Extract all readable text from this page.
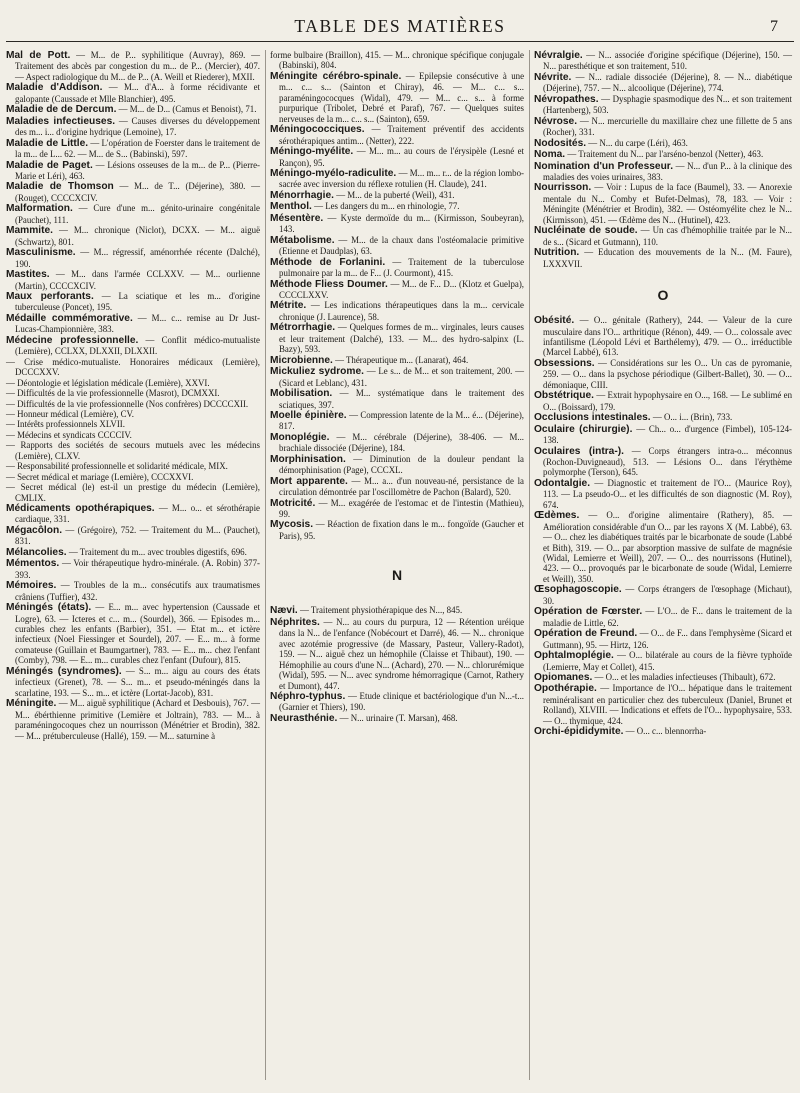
TABLE DES MATIÈRES	7

Mal de Pott. — M... de P... syphilitique (Auvray), 869. — Traitement des abcès par congestion du m... de P... (Mercier), 407. — Aspect radiologique du M... de P... (A. Weill et Riederer), MXII.

Maladie d'Addison. — M... d'A... à forme récidivante et galopante (Caussade et Mlle Blanchier), 495.

Maladie de de Dercum. — M... de D... (Camus et Benoist), 71.

Maladies infectieuses. — Causes diverses du développement des m... i... d'origine hydrique (Lemoine), 17.

Maladie de Little. — L'opération de Foerster dans le traitement de la m... de L... 62. — M... de S... (Babinski), 597.

Maladie de Paget. — Lésions osseuses de la m... de P... (Pierre-Marie et Léri), 463.

Maladie de Thomson — M... de T... (Déjerine), 380. — (Rouget), CCCCXCIV.

Malformation. — Cure d'une m... génito-urinaire congénitale (Pauchet), 111.

Mammite. — M... chronique (Niclot), DCXX. — M... aiguë (Schwartz), 801.

Masculinisme. — M... régressif, aménorrhée récente (Dalché), 190.

Mastites. — M... dans l'armée CCLXXV. — M... ourlienne (Martin), CCCCXCIV.

Maux perforants. — La sciatique et les m... d'origine tuberculeuse (Poncet), 195.

Médaille commémorative. — M... c... remise au Dr Just-Lucas-Championnière, 383.

Médecine professionnelle. — Conflit médico-mutualiste (Lemière), CCLXX, DLXXII, DLXXII.

— Crise médico-mutualiste. Honoraires médicaux (Lemière), DCCCXXV.

— Déontologie et législation médicale (Lemière), XXVI.

— Difficultés de la vie professionnelle (Masrot), DCMXXI.

— Difficultés de la vie professionnelle (Nos confrères) DCCCCXII.

— Honneur médical (Lemière), CV.

— Intérêts professionnels XLVII.

— Médecins et syndicats CCCCIV.

— Rapports des sociétés de secours mutuels avec les médecins (Lemière), CLXV.

— Responsabilité professionnelle et solidarité médicale, MIX.

— Secret médical et mariage (Lemière), CCCXXVI.

— Secret médical (le) est-il un prestige du médecin (Lemière), CMLIX.

Médicaments opothérapiques. — M... o... et sérothérapie cardiaque, 331.

Mégacôlon. — (Grégoire), 752. — Traitement du M... (Pauchet), 831.

Mélancolies. — Traitement du m... avec troubles digestifs, 696.

Mémentos. — Voir thérapeutique hydro-minérale. (A. Robin) 377-393.

Mémoires. — Troubles de la m... consécutifs aux traumatismes crâniens (Tuffier), 432.

Méningés (états). — E... m... avec hypertension (Caussade et Logre), 63. — Icteres et c... m... (Sourdel), 366. — Episodes m... curables chez les enfants (Barbier), 351. — Etat m... et ictère infectieux (Noel Fiessinger et Sourdel), 207. — E... m... à forme comateuse (Guillain et Baumgartner), 783. — E... m... chez l'enfant (Comby), 798. — E... m... curables chez l'enfant (Dufour), 815.

Méningés (syndromes). — S... m... aigu au cours des états infectieux (Grenet), 78. — S... m... et pseudo-méningés dans la scarlatine, 193. — S... m... et ictère (Lortat-Jacob), 831.

Méningite. — M... aiguë syphilitique (Achard et Desbouis), 767. — M... ébérthienne primitive (Lemière et Joltrain), 783. — M... à paraméningocoques chez un nourrisson (Ménétrier et Brodin), 382. — M... prétuberculeuse (Hallé), 159. — M... saturnine à

forme bulbaire (Braillon), 415. — M... chronique spécifique conjugale (Babinski), 804.

Méningite cérébro-spinale. — Epilepsie consécutive à une m... c... s... (Sainton et Chiray), 46. — M... c... s... paraméningococques (Widal), 479. — M... c... s... à forme purpurique (Tribolet, Debré et Paraf), 767. — Quelques suites nerveuses de la m... c... s... (Sainton), 659.

Méningococciques. — Traitement préventif des accidents sérothérapiques antim... (Netter), 222.

Méningo-myélite. — M... m... au cours de l'érysipèle (Lesné et Rançon), 95.

Méningo-myélo-radiculite. — M... m... r... de la région lombo-sacrée avec inversion du réflexe rotulien (H. Claude), 241.

Ménorrhagie. — M... de la puberté (Weil), 431.

Menthol. — Les dangers du m... en rhinologie, 77.

Mésentère. — Kyste dermoïde du m... (Kirmisson, Soubeyran), 143.

Métabolisme. — M... de la chaux dans l'ostéomalacie primitive (Etienne et Daudplas), 63.

Méthode de Forlanini. — Traitement de la tuberculose pulmonaire par la m... de F... (J. Courmont), 415.

Méthode Fliess Doumer. — M... de F... D... (Klotz et Guelpa), CCCCLXXV.

Métrite. — Les indications thérapeutiques dans la m... cervicale chronique (J. Laurence), 58.

Métrorrhagie. — Quelques formes de m... virginales, leurs causes et leur traitement (Dalché), 133. — M... des hydro-salpinx (L. Bazy), 593.

Microbienne. — Thérapeutique m... (Lanarat), 464.

Mickuliez sydrome. — Le s... de M... et son traitement, 200. — (Sicard et Leblanc), 431.

Mobilisation. — M... systématique dans le traitement des sciatiques, 397.

Moelle épinière. — Compression latente de la M... é... (Déjerine), 817.

Monoplégie. — M... cérébrale (Déjerine), 38-406. — M... brachiale dissociée (Déjerine), 184.

Morphinisation. — Diminution de la douleur pendant la démorphinisation (Page), CCCXL.

Mort apparente. — M... a... d'un nouveau-né, persistance de la circulation démontrée par l'oscillomètre de Pachon (Balard), 520.

Motricité. — M... exagérée de l'estomac et de l'intestin (Mathieu), 99.

Mycosis. — Réaction de fixation dans le m... fongoïde (Gaucher et Paris), 95.

N

Nævi. — Traitement physiothérapique des N..., 845.

Néphrites. — N... au cours du purpura, 12 — Rétention uréique dans la N... de l'enfance (Nobécourt et Darré), 46. — N... chronique avec azotémie progressive (de Massary, Pasteur, Vallery-Radot), 159. — N... aiguë chez un hémophile (Claisse et Thibaut), 190. — Hémophilie au cours d'une N... (Achard), 270. — N... chlorurémique (Widal), 595. — N... avec syndrome hémorragique (Carnot, Rathery et Dumont), 447.

Néphro-typhus. — Etude clinique et bactériologique d'un N...-t... (Garnier et Thiers), 190.

Neurasthénie. — N... urinaire (T. Marsan), 468.

Névralgie. — N... associée d'origine spécifique (Déjerine), 150. — N... paresthétique et son traitement, 510.

Névrite. — N... radiale dissociée (Déjerine), 8. — N... diabétique (Déjerine), 757. — N... alcoolique (Déjerine), 774.

Névropathes. — Dysphagie spasmodique des N... et son traitement (Hartenberg), 503.

Névrose. — N... mercurielle du maxillaire chez une fillette de 5 ans (Rocher), 331.

Nodosités. — N... du carpe (Léri), 463.

Noma. — Traitement du N... par l'arséno-benzol (Netter), 463.

Nomination d'un Professeur. — N... d'un P... à la clinique des maladies des voies urinaires, 383.

Nourrisson. — Voir : Lupus de la face (Baumel), 33. — Anorexie mentale du N... Comby et Bufet-Delmas), 78, 183. — Voir : Méningite (Ménétrier et Brodin), 382. — Ostéomyélite chez le N... (Kirmisson), 451. — Œdème des N... (Hutinel), 423.

Nucléinate de soude. — Un cas d'hémophilie traitée par le N... de s... (Sicard et Gutmann), 110.

Nutrition. — Education des mouvements de la N... (M. Faure), LXXXVII.

O

Obésité. — O... génitale (Rathery), 244. — Valeur de la cure musculaire dans l'O... arthritique (Rénon), 449. — O... colossale avec infantilisme (Léopold Lévi et Barthélemy), 479. — O... irréductible (Marcel Labbé), 613.

Obsessions. — Considérations sur les O... Un cas de pyromanie, 259. — O... dans la psychose périodique (Gilbert-Ballet), 30. — O... démoniaque, CIII.

Obstétrique. — Extrait hypophysaire en O..., 168. — Le sublimé en O... (Boissard), 179.

Occlusions intestinales. — O... i... (Brin), 733.

Oculaire (chirurgie). — Ch... o... d'urgence (Fimbel), 105-124-138.

Oculaires (intra-). — Corps étrangers intra-o... méconnus (Rochon-Duvigneaud), 513. — Lésions O... dans l'érythème polymorphe (Terson), 645.

Odontalgie. — Diagnostic et traitement de l'O... (Maurice Roy), 113. — La pseudo-O... et les difficultés de son diagnostic (M. Roy), 674.

Œdèmes. — O... d'origine alimentaire (Rathery), 85. — Amélioration considérable d'un O... par les rayons X (M. Labbé), 63. — O... chez les diabétiques traités par le bicarbonate de soude (Labbé et Bith), 319. — O... par absorption massive de sulfate de magnésie (Widal, Lemierre et Weill), 207. — O... des nourrissons (Hutinel), 423. — O... provoqués par le bicarbonate de soude (Widal, Lemierre et Weill), 350.

Œsophagoscopie. — Corps étrangers de l'œsophage (Michaut), 30.

Opération de Fœrster. — L'O... de F... dans le traitement de la maladie de Little, 62.

Opération de Freund. — O... de F... dans l'emphysème (Sicard et Guttmann), 95. — Hirtz, 126.

Ophtalmoplégie. — O... bilatérale au cours de la fièvre typhoïde (Lemierre, May et Collet), 415.

Opiomanes. — O... et les maladies infectieuses (Thibault), 672.

Opothérapie. — Importance de l'O... hépatique dans le traitement reminéralisant en particulier chez des tuberculeux (Daniel, Brunet et Rolland), XLVIII. — Indications et effets de l'O... hypophysaire, 533. — O... thymique, 424.

Orchi-épididymite. — O... c... blennorrha-
